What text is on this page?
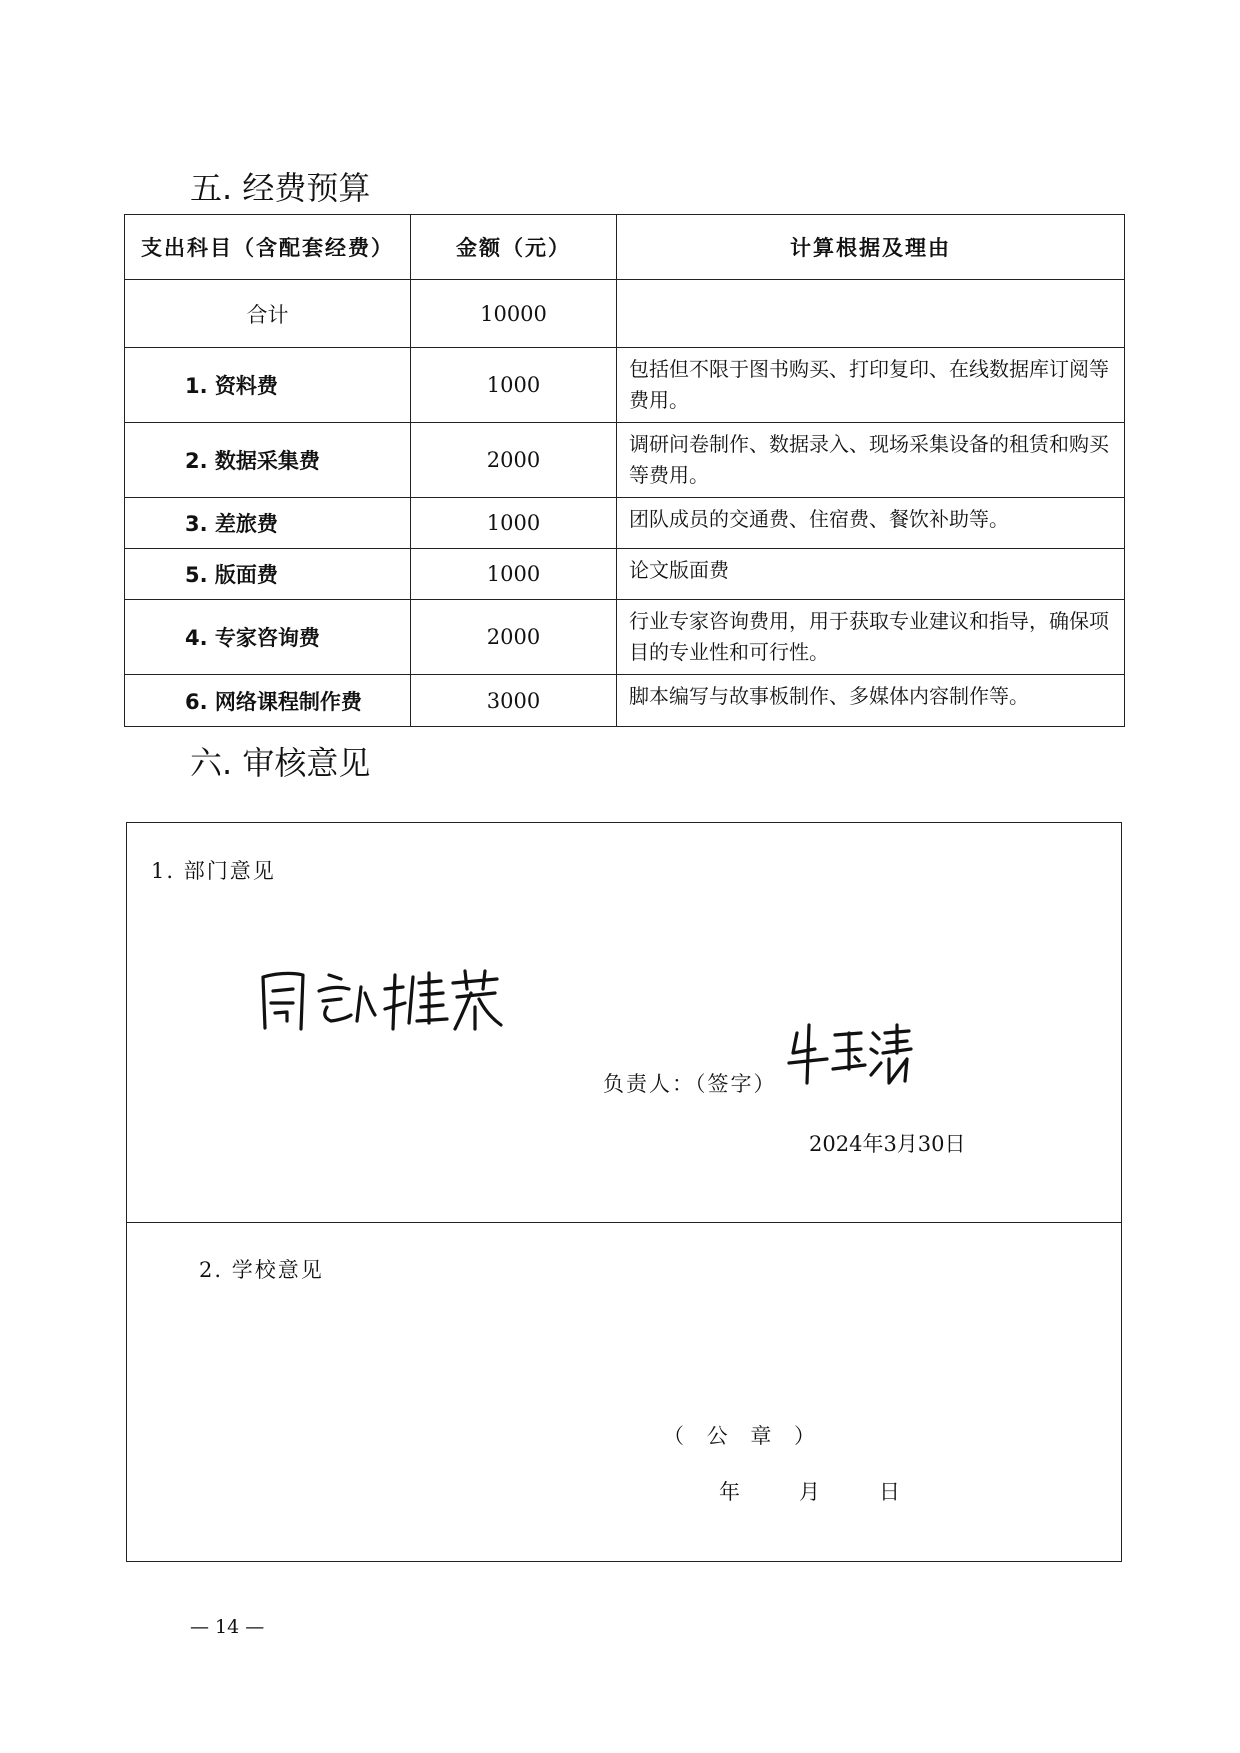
五. 经费预算
支出科目（含配套经费）	金额（元）	计算根据及理由
合计	10000	
1. 资料费	1000	包括但不限于图书购买、打印复印、在线数据库订阅等费用。
2. 数据采集费	2000	调研问卷制作、数据录入、现场采集设备的租赁和购买等费用。
3. 差旅费	1000	团队成员的交通费、住宿费、餐饮补助等。
5. 版面费	1000	论文版面费
4. 专家咨询费	2000	行业专家咨询费用，用于获取专业建议和指导，确保项目的专业性和可行性。
6. 网络课程制作费	3000	脚本编写与故事板制作、多媒体内容制作等。
六. 审核意见
1. 部门意见
负责人：（签字）
2024年3月30日
2. 学校意见
（ 公 章 ）
年	月	日
— 14 —
